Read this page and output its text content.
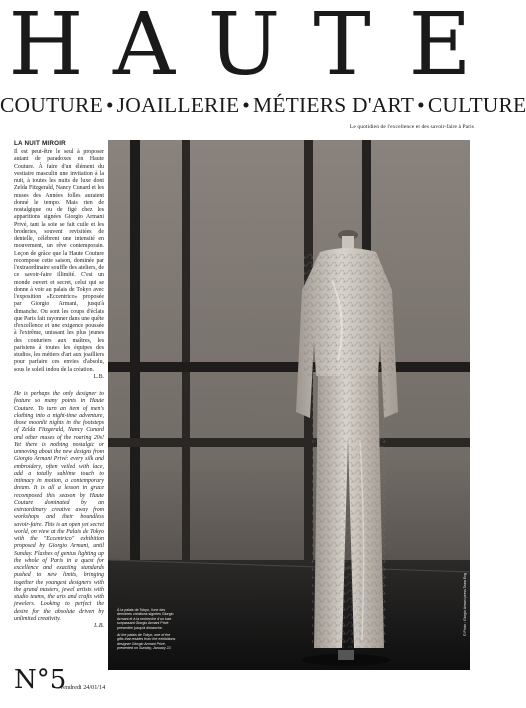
H A U T E
COUTURE • JOAILLERIE • MÉTIERS D'ART • CULTURE
Le quotidien de l'excellence et des savoir-faire à Paris
LA NUIT MIROIR

Il est peut-être le seul à proposer autant de paradoxes en Haute Couture. À faire d'un élément du vestiaire masculin une invitation à la nuit, à toutes les nuits de luxe dont Zelda Fitzgerald, Nancy Cunard et les muses des Années folles auraient donné le tempo. Mais rien de nostalgique ou de figé chez les apparitions signées Giorgio Armani Privé, tant la soie se fait cuile et les broderies, souvent revisitées de dentelle, célèbrent une intensité en mouvement, un rêve contemporain. Leçon de grâce que la Haute Couture recompose cette saison, dominée par l'extraordinaire souffle des ateliers, de ce savoir-faire illimité. C'est un monde ouvert et secret, celui qui se donne à voir au palais de Tokyo avec l'exposition «Eccentrico» proposée par Giorgio Armani, jusqu'à dimanche. Ou sont les coups d'éclats que Paris fait rayonner dans une quête d'excellence et une exigence poussée à l'extrême, unissant les plus jeunes des couturiers aux maîtres, les parisiens à toutes les équipes des studios, les métiers d'art aux joailliers pour parfaire ces envies d'absolu, sous le soleil indou de la création.
L.B.

He is perhaps the only designer to feature so many points in Haute Couture. To turn an item of men's clothing into a night-time adventure, those moonlit nights in the footsteps of Zelda Fitzgerald, Nancy Cunard and other muses of the roaring 20s! Yet there is nothing nostalgic or unmoving about the new designs from Giorgio Armani Privé: every silk and embroidery, often veiled with lace, add a totally sublime touch to intimacy in motion, a contemporary dream. It is all a lesson in grace recomposed this season by Haute Couture dominated by an extraordinary creative away from workshops and their boundless savoir-faire. This is an open yet secret world, on view at the Palais de Tokyo with the "Eccentrico" exhibition proposed by Giorgio Armani, until Sunday. Flashes of genius lighting up the whole of Paris in a quest for excellence and exacting standards pushed to new limits, bringing together the youngest designers with the grand masters, jewel artists with studio teams, the arts and crafts with jewelers. Looking to perfect the desire for the absolute driven by unlimited creativity.
L.B.

À la palais de Tokyo, l'une des dernières créations signées Giorgio Armani et à la recherche d'un luxe surpassant Giorgio Armani Privé présentée jusqu'à dimanche.

At the palais de Tokyo, one of the gifts that resides from the exhibitions designer Giorgio Armani Privé, presented on Sunday, January 22.

© Photo : Giorgio Armani press Team Eng
N°5
vendredi 24/01/14
